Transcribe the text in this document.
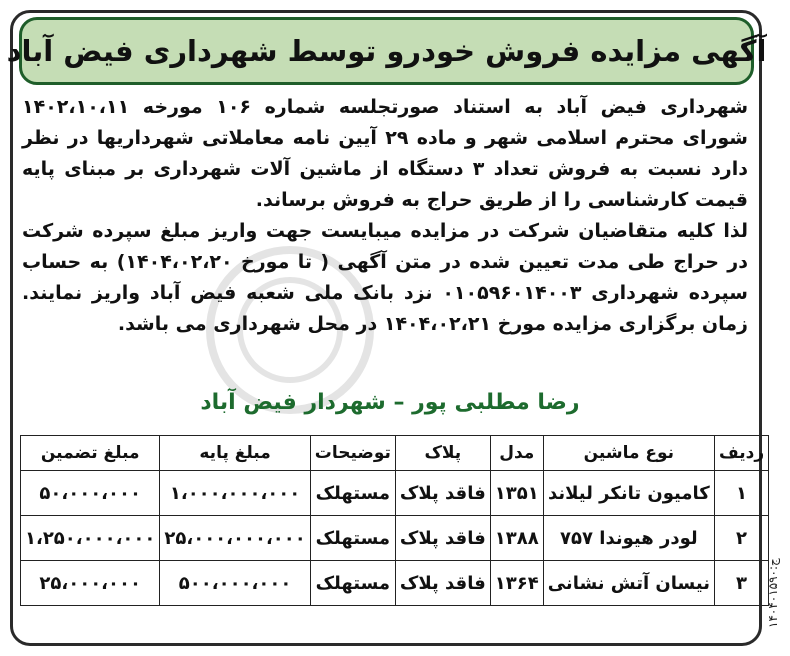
آگهی مزایده فروش خودرو توسط شهرداری فیض آباد

شهرداری فیض آباد به استناد صورتجلسه شماره ۱۰۶ مورخه ۱۴۰۲،۱۰،۱۱ شورای محترم اسلامی شهر و ماده ۲۹ آیین نامه معاملاتی شهرداریها در نظر دارد نسبت به فروش تعداد ۳ دستگاه از ماشین آلات شهرداری بر مبنای پایه قیمت کارشناسی را از طریق حراج به فروش برساند.

لذا کلیه متقاضیان شرکت در مزایده میبایست جهت واریز مبلغ سپرده شرکت در حراج طی مدت تعیین شده در متن آگهی ( تا مورخ ۱۴۰۴،۰۲،۲۰) به حساب سپرده شهرداری ۰۱۰۵۹۶۰۱۴۰۰۳ نزد بانک ملی شعبه فیض آباد واریز نمایند. زمان برگزاری مزایده مورخ ۱۴۰۴،۰۲،۲۱ در محل شهرداری می باشد.

رضا مطلبی پور – شهردار فیض آباد
ردیف	نوع ماشین	مدل	پلاک	توضیحات	مبلغ پایه	مبلغ تضمین
۱	کامیون تانکر لیلاند	۱۳۵۱	فاقد پلاک	مستهلک	۱،۰۰۰،۰۰۰،۰۰۰	۵۰،۰۰۰،۰۰۰
۲	لودر هیوندا ۷۵۷	۱۳۸۸	فاقد پلاک	مستهلک	۲۵،۰۰۰،۰۰۰،۰۰۰	۱،۲۵۰،۰۰۰،۰۰۰
۳	نیسان آتش نشانی	۱۳۶۴	فاقد پلاک	مستهلک	۵۰۰،۰۰۰،۰۰۰	۲۵،۰۰۰،۰۰۰	ج:۱۴۰۴۰۱۵۹۰
